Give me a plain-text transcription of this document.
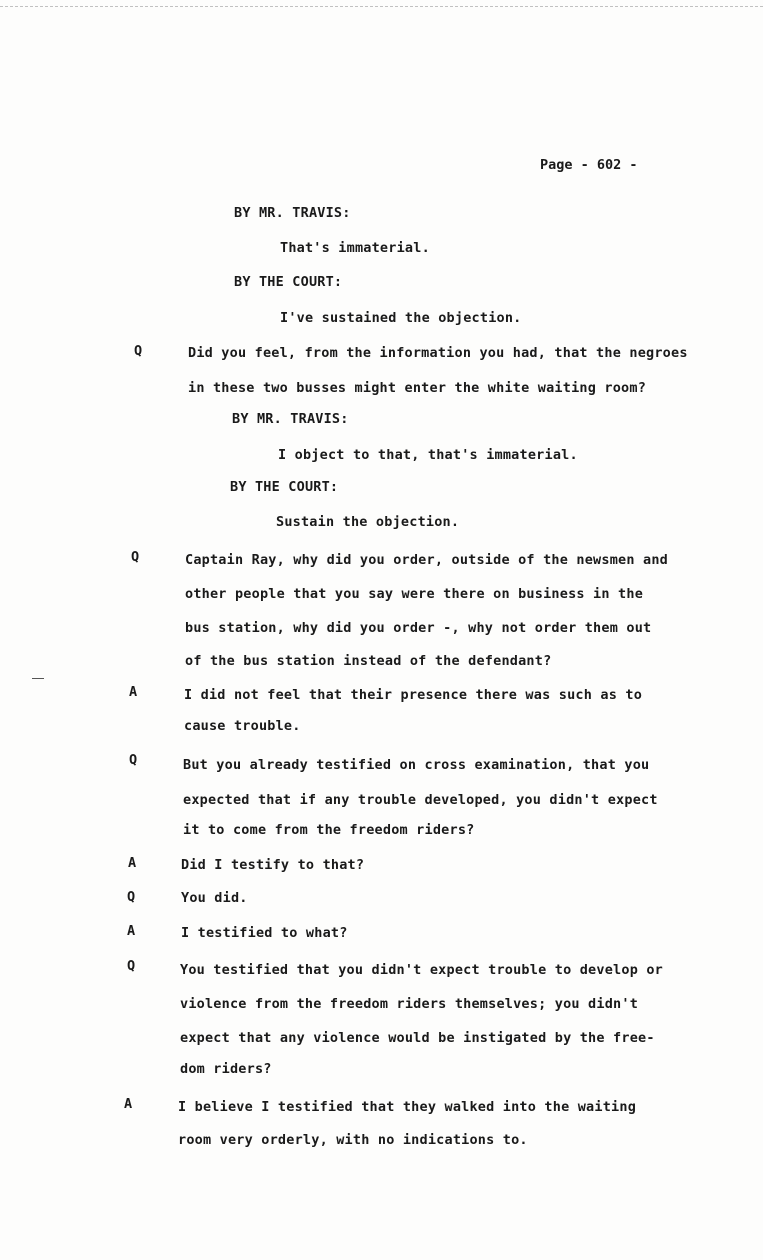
Page - 602 -
BY MR. TRAVIS:
That's immaterial.
BY THE COURT:
I've sustained the objection.
Q	Did you feel, from the information you had, that the negroes
in these two busses might enter the white waiting room?
BY MR. TRAVIS:
I object to that, that's immaterial.
BY THE COURT:
Sustain the objection.
Q	Captain Ray, why did you order, outside of the newsmen and
other people that you say were there on business in the
bus station, why did you order -, why not order them out
of the bus station instead of the defendant?
A	I did not feel that their presence there was such as to
cause trouble.
Q	But you already testified on cross examination, that you
expected that if any trouble developed, you didn't expect
it to come from the freedom riders?
A	Did I testify to that?
Q	You did.
A	I testified to what?
Q	You testified that you didn't expect trouble to develop or
violence from the freedom riders themselves; you didn't
expect that any violence would be instigated by the free-
dom riders?
A	I believe I testified that they walked into the waiting
room very orderly, with no indications to.
